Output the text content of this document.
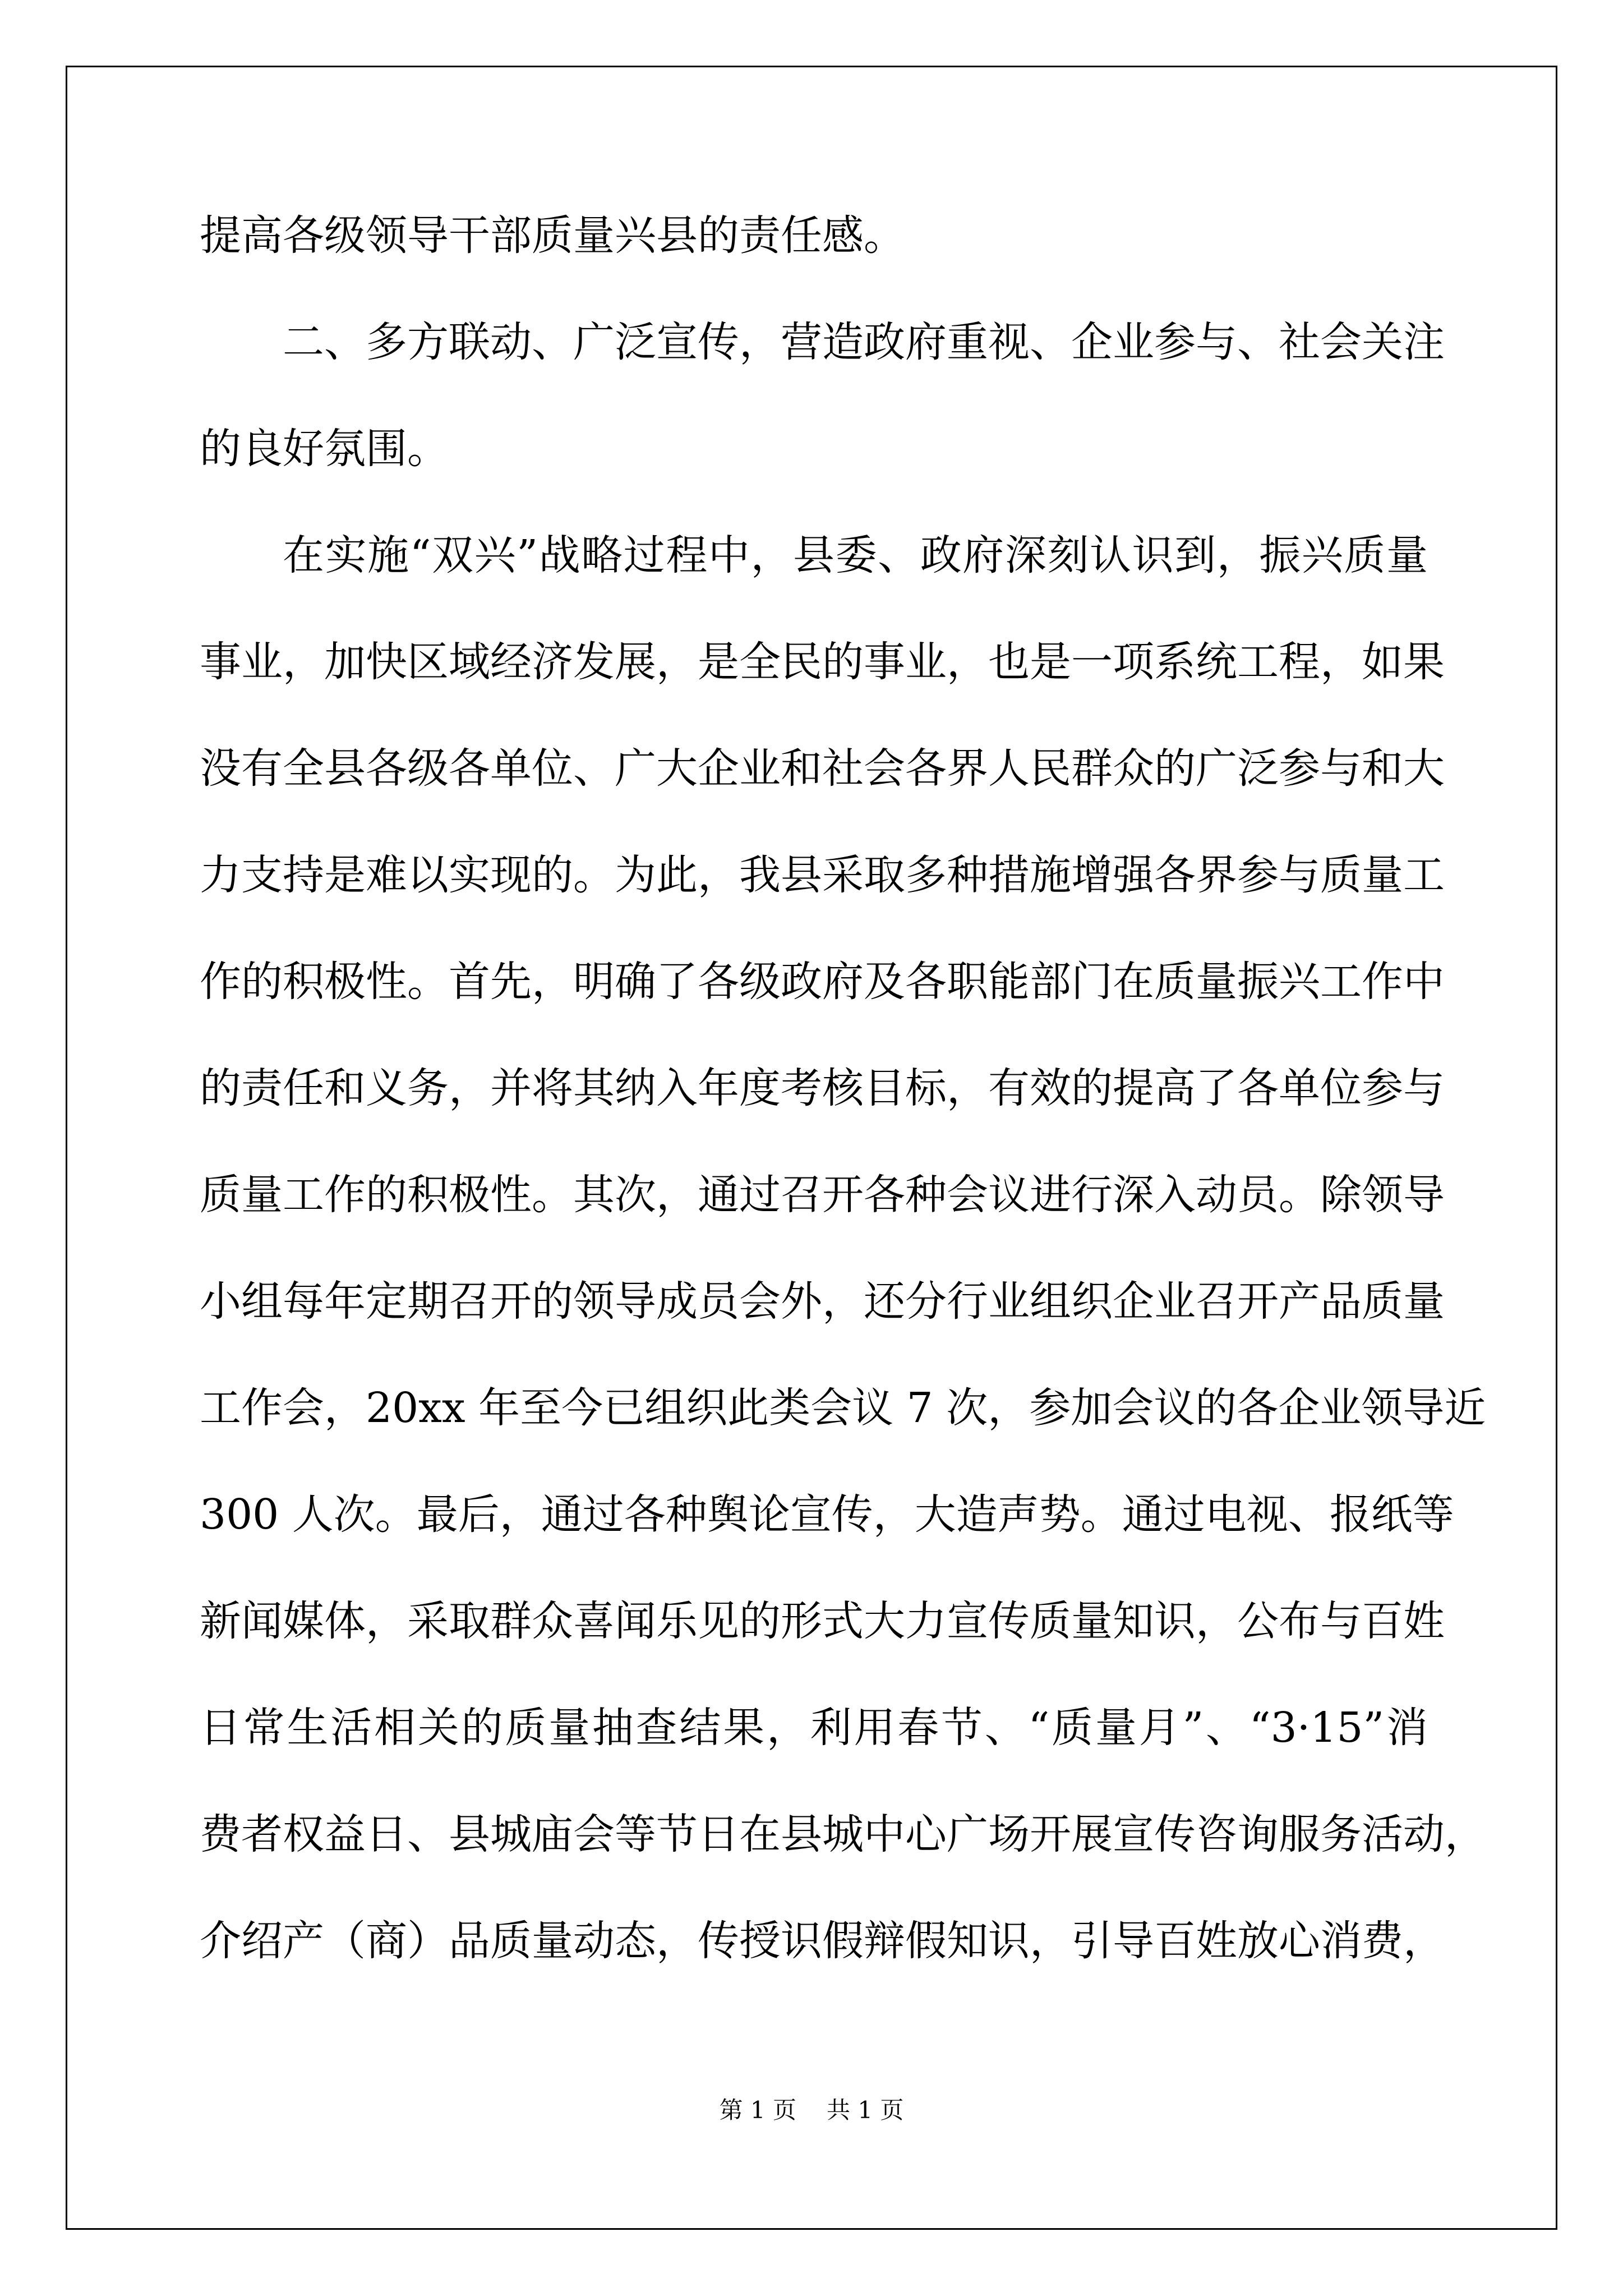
提高各级领导干部质量兴县的责任感。
二、多方联动、广泛宣传，营造政府重视、企业参与、社会关注
的良好氛围。
在实施“双兴”战略过程中，县委、政府深刻认识到，振兴质量
事业，加快区域经济发展，是全民的事业，也是一项系统工程，如果
没有全县各级各单位、广大企业和社会各界人民群众的广泛参与和大
力支持是难以实现的。为此，我县采取多种措施增强各界参与质量工
作的积极性。首先，明确了各级政府及各职能部门在质量振兴工作中
的责任和义务，并将其纳入年度考核目标，有效的提高了各单位参与
质量工作的积极性。其次，通过召开各种会议进行深入动员。除领导
小组每年定期召开的领导成员会外，还分行业组织企业召开产品质量
工作会，20xx 年至今已组织此类会议 7 次，参加会议的各企业领导近
300 人次。最后，通过各种舆论宣传，大造声势。通过电视、报纸等
新闻媒体，采取群众喜闻乐见的形式大力宣传质量知识，公布与百姓
日常生活相关的质量抽查结果，利用春节、“质量月”、“3·15”消
费者权益日、县城庙会等节日在县城中心广场开展宣传咨询服务活动，
介绍产（商）品质量动态，传授识假辩假知识，引导百姓放心消费，
第 1 页 共 1 页
